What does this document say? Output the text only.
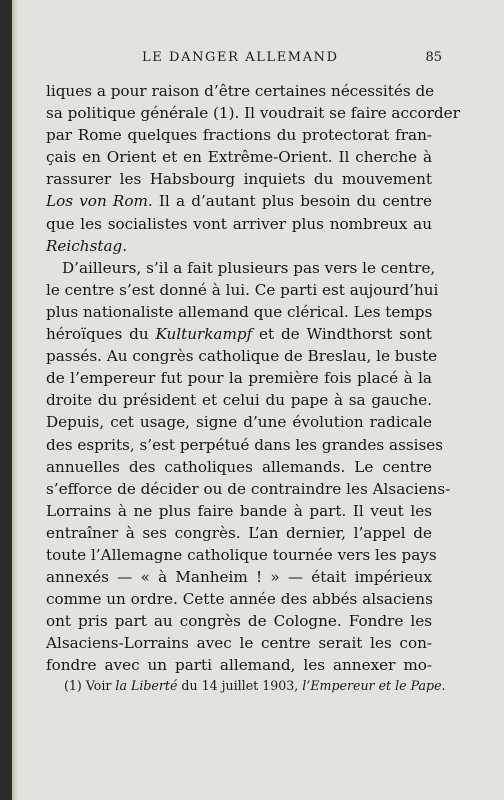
LE DANGER ALLEMAND	85
liques a pour raison d’être certaines nécessités de
sa politique générale (1). Il voudrait se faire accorder
par Rome quelques fractions du protectorat fran-
çais en Orient et en Extrême-Orient. Il cherche à
rassurer les Habsbourg inquiets du mouvement
Los von Rom. Il a d’autant plus besoin du centre
que les socialistes vont arriver plus nombreux au
Reichstag.
D’ailleurs, s’il a fait plusieurs pas vers le centre,
le centre s’est donné à lui. Ce parti est aujourd’hui
plus nationaliste allemand que clérical. Les temps
héroïques du Kulturkampf et de Windthorst sont
passés. Au congrès catholique de Breslau, le buste
de l’empereur fut pour la première fois placé à la
droite du président et celui du pape à sa gauche.
Depuis, cet usage, signe d’une évolution radicale
des esprits, s’est perpétué dans les grandes assises
annuelles des catholiques allemands. Le centre
s’efforce de décider ou de contraindre les Alsaciens-
Lorrains à ne plus faire bande à part. Il veut les
entraîner à ses congrès. L’an dernier, l’appel de
toute l’Allemagne catholique tournée vers les pays
annexés — « à Manheim ! » — était impérieux
comme un ordre. Cette année des abbés alsaciens
ont pris part au congrès de Cologne. Fondre les
Alsaciens-Lorrains avec le centre serait les con-
fondre avec un parti allemand, les annexer mo-
(1) Voir la Liberté du 14 juillet 1903, l’Empereur et le Pape.
